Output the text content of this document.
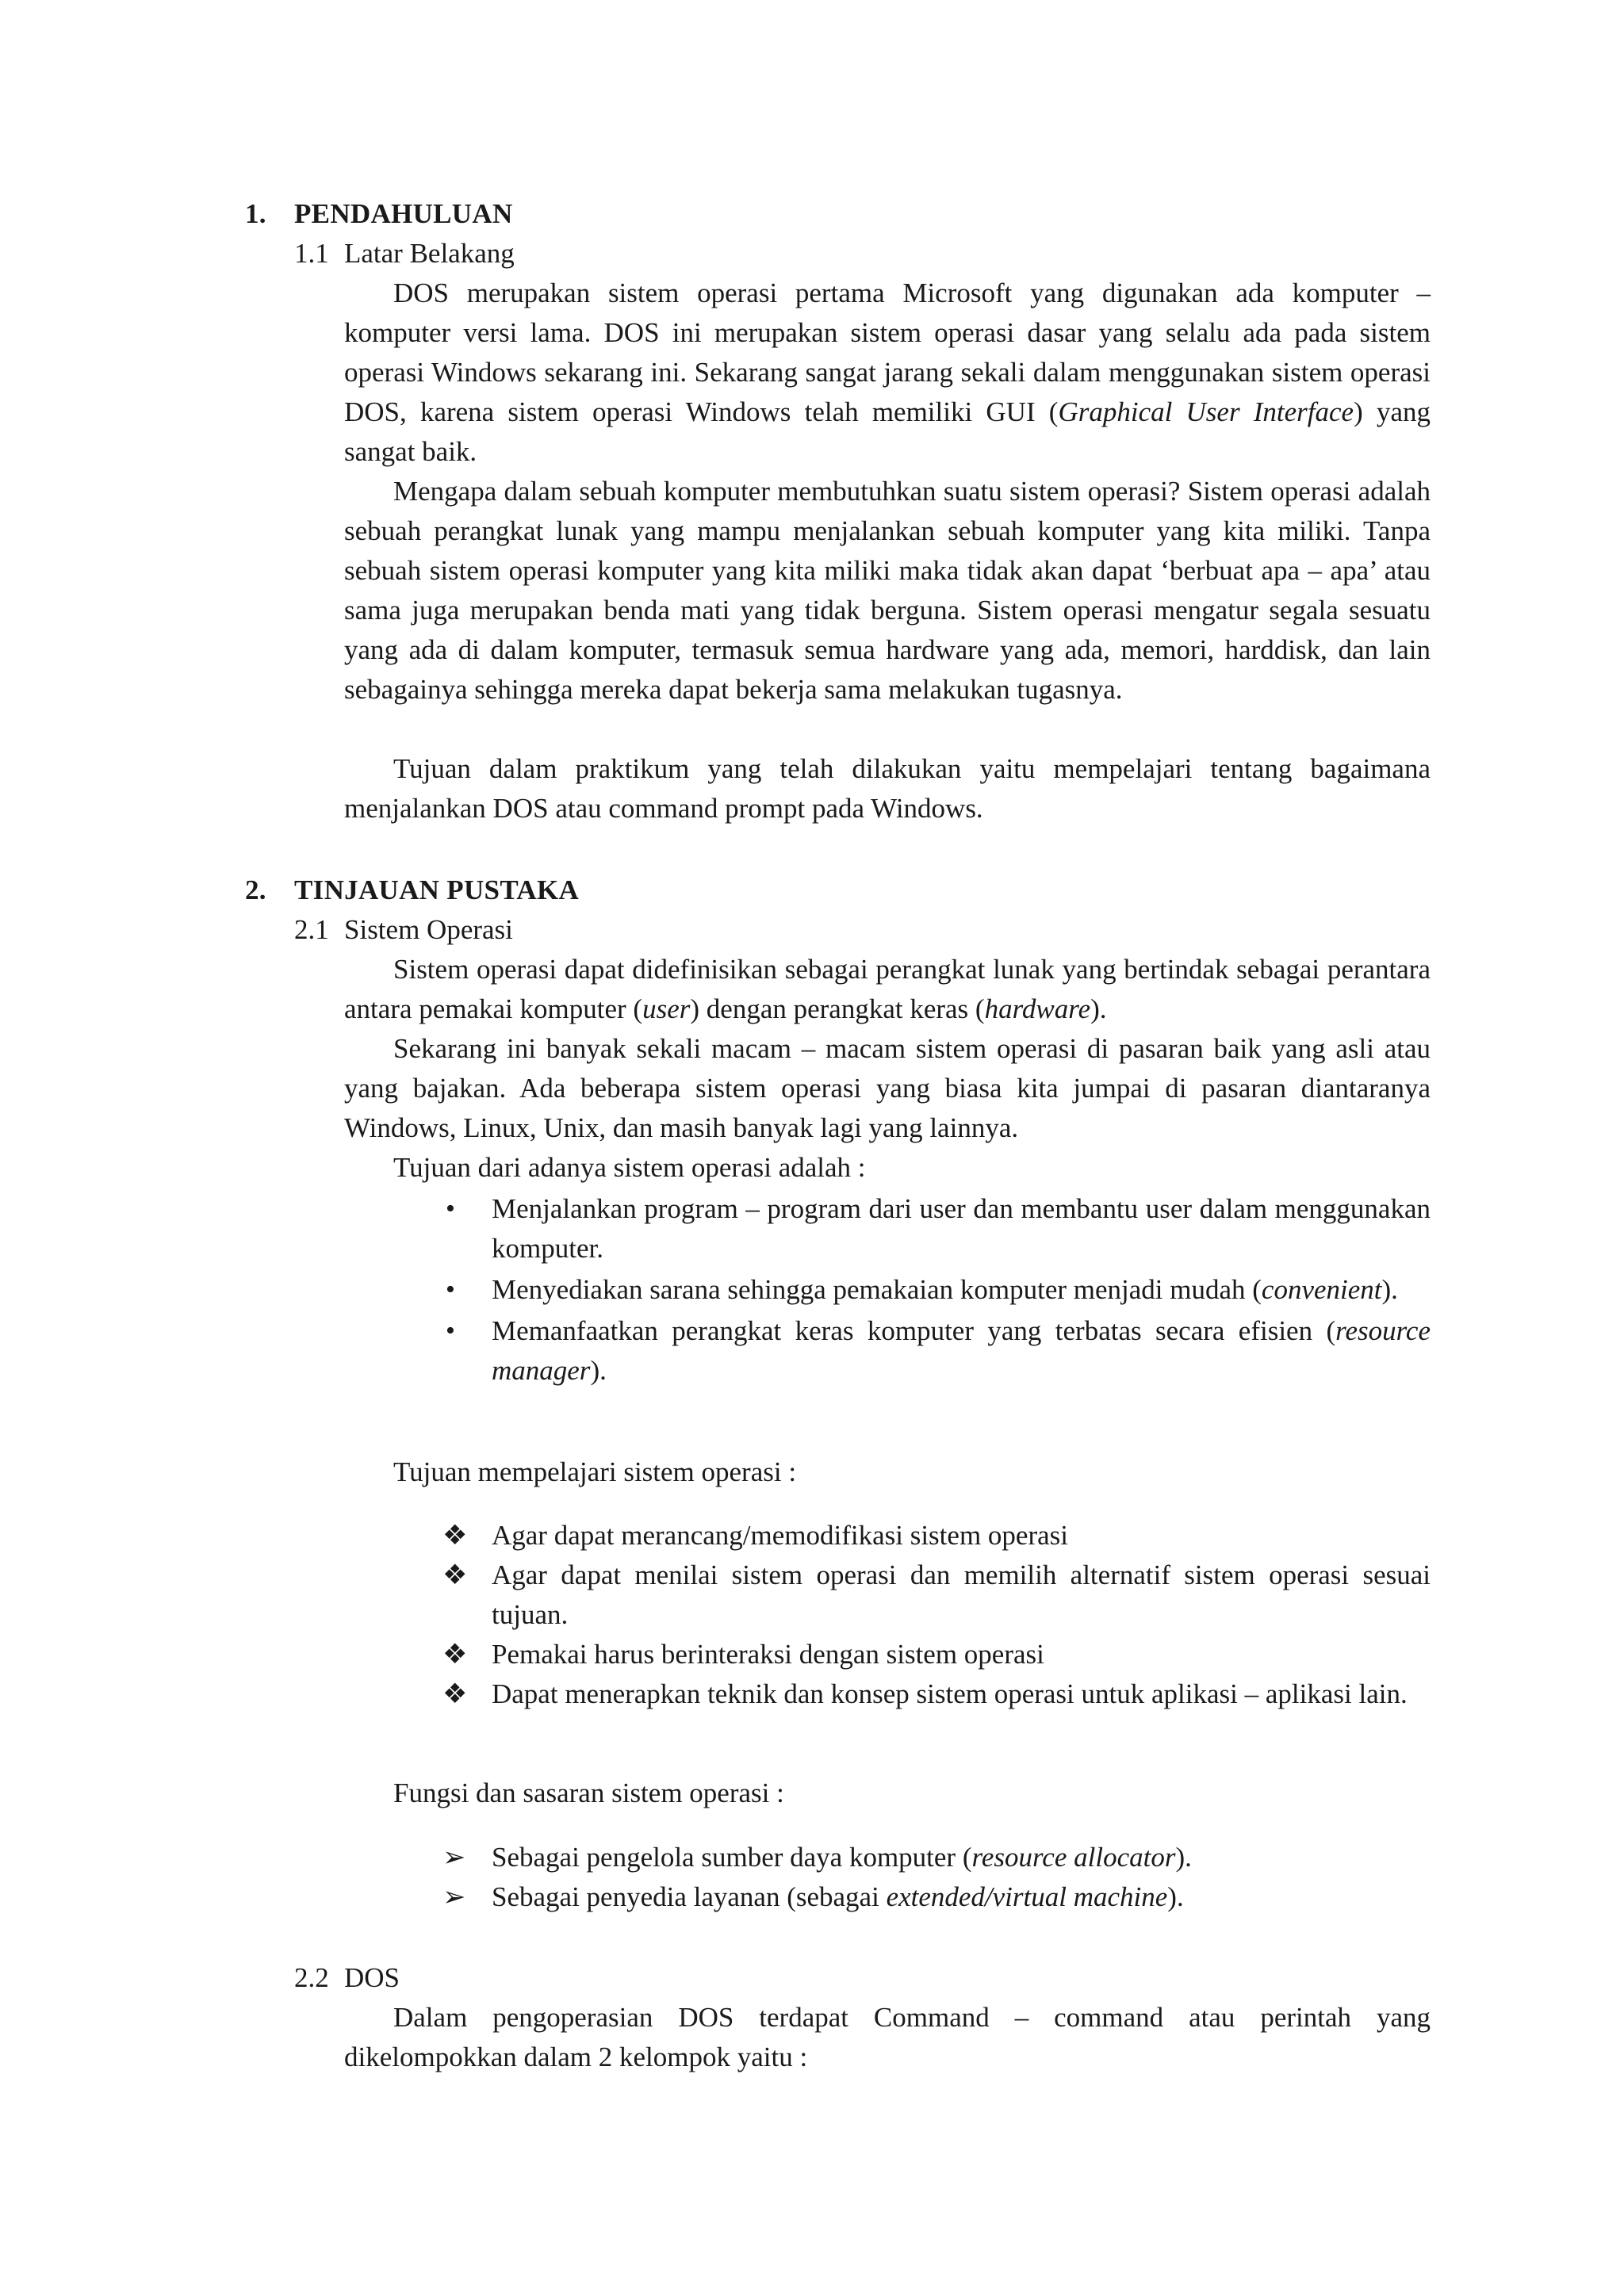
1. PENDAHULUAN
1.1 Latar Belakang

DOS merupakan sistem operasi pertama Microsoft yang digunakan ada komputer – komputer versi lama. DOS ini merupakan sistem operasi dasar yang selalu ada pada sistem operasi Windows sekarang ini. Sekarang sangat jarang sekali dalam menggunakan sistem operasi DOS, karena sistem operasi Windows telah memiliki GUI (Graphical User Interface) yang sangat baik.

Mengapa dalam sebuah komputer membutuhkan suatu sistem operasi? Sistem operasi adalah sebuah perangkat lunak yang mampu menjalankan sebuah komputer yang kita miliki. Tanpa sebuah sistem operasi komputer yang kita miliki maka tidak akan dapat ‘berbuat apa – apa’ atau sama juga merupakan benda mati yang tidak berguna. Sistem operasi mengatur segala sesuatu yang ada di dalam komputer, termasuk semua hardware yang ada, memori, harddisk, dan lain sebagainya sehingga mereka dapat bekerja sama melakukan tugasnya.

Tujuan dalam praktikum yang telah dilakukan yaitu mempelajari tentang bagaimana menjalankan DOS atau command prompt pada Windows.

2. TINJAUAN PUSTAKA
2.1 Sistem Operasi

Sistem operasi dapat didefinisikan sebagai perangkat lunak yang bertindak sebagai perantara antara pemakai komputer (user) dengan perangkat keras (hardware).

Sekarang ini banyak sekali macam – macam sistem operasi di pasaran baik yang asli atau yang bajakan. Ada beberapa sistem operasi yang biasa kita jumpai di pasaran diantaranya Windows, Linux, Unix, dan masih banyak lagi yang lainnya.

Tujuan dari adanya sistem operasi adalah :

•	Menjalankan program – program dari user dan membantu user dalam menggunakan komputer.
•	Menyediakan sarana sehingga pemakaian komputer menjadi mudah (convenient).
•	Memanfaatkan perangkat keras komputer yang terbatas secara efisien (resource manager).

Tujuan mempelajari sistem operasi :

❖ Agar dapat merancang/memodifikasi sistem operasi
❖ Agar dapat menilai sistem operasi dan memilih alternatif sistem operasi sesuai tujuan.
❖ Pemakai harus berinteraksi dengan sistem operasi
❖ Dapat menerapkan teknik dan konsep sistem operasi untuk aplikasi – aplikasi lain.

Fungsi dan sasaran sistem operasi :

➢ Sebagai pengelola sumber daya komputer (resource allocator).
➢ Sebagai penyedia layanan (sebagai extended/virtual machine).
2.2 DOS

Dalam pengoperasian DOS terdapat Command – command atau perintah yang dikelompokkan dalam 2 kelompok yaitu :
